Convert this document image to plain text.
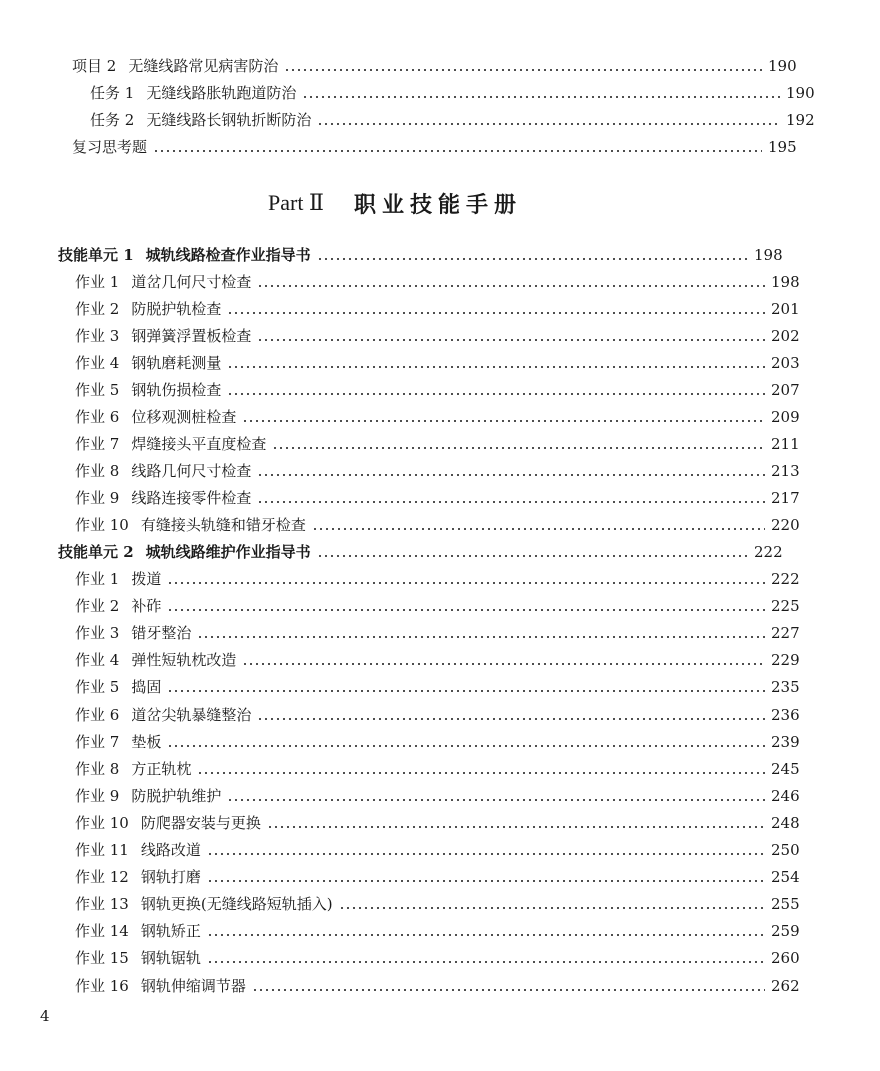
项目 2 无缝线路常见病害防治	190
任务 1 无缝线路胀轨跑道防治	190
任务 2 无缝线路长钢轨折断防治	192
复习思考题	195
Part Ⅱ 职业技能手册
技能单元 1 城轨线路检查作业指导书	198
作业 1 道岔几何尺寸检查	198
作业 2 防脱护轨检查	201
作业 3 钢弹簧浮置板检查	202
作业 4 钢轨磨耗测量	203
作业 5 钢轨伤损检查	207
作业 6 位移观测桩检查	209
作业 7 焊缝接头平直度检查	211
作业 8 线路几何尺寸检查	213
作业 9 线路连接零件检查	217
作业 10 有缝接头轨缝和错牙检查	220
技能单元 2 城轨线路维护作业指导书	222
作业 1 拨道	222
作业 2 补砟	225
作业 3 错牙整治	227
作业 4 弹性短轨枕改造	229
作业 5 捣固	235
作业 6 道岔尖轨暴缝整治	236
作业 7 垫板	239
作业 8 方正轨枕	245
作业 9 防脱护轨维护	246
作业 10 防爬器安装与更换	248
作业 11 线路改道	250
作业 12 钢轨打磨	254
作业 13 钢轨更换(无缝线路短轨插入)	255
作业 14 钢轨矫正	259
作业 15 钢轨锯轨	260
作业 16 钢轨伸缩调节器	262
4
